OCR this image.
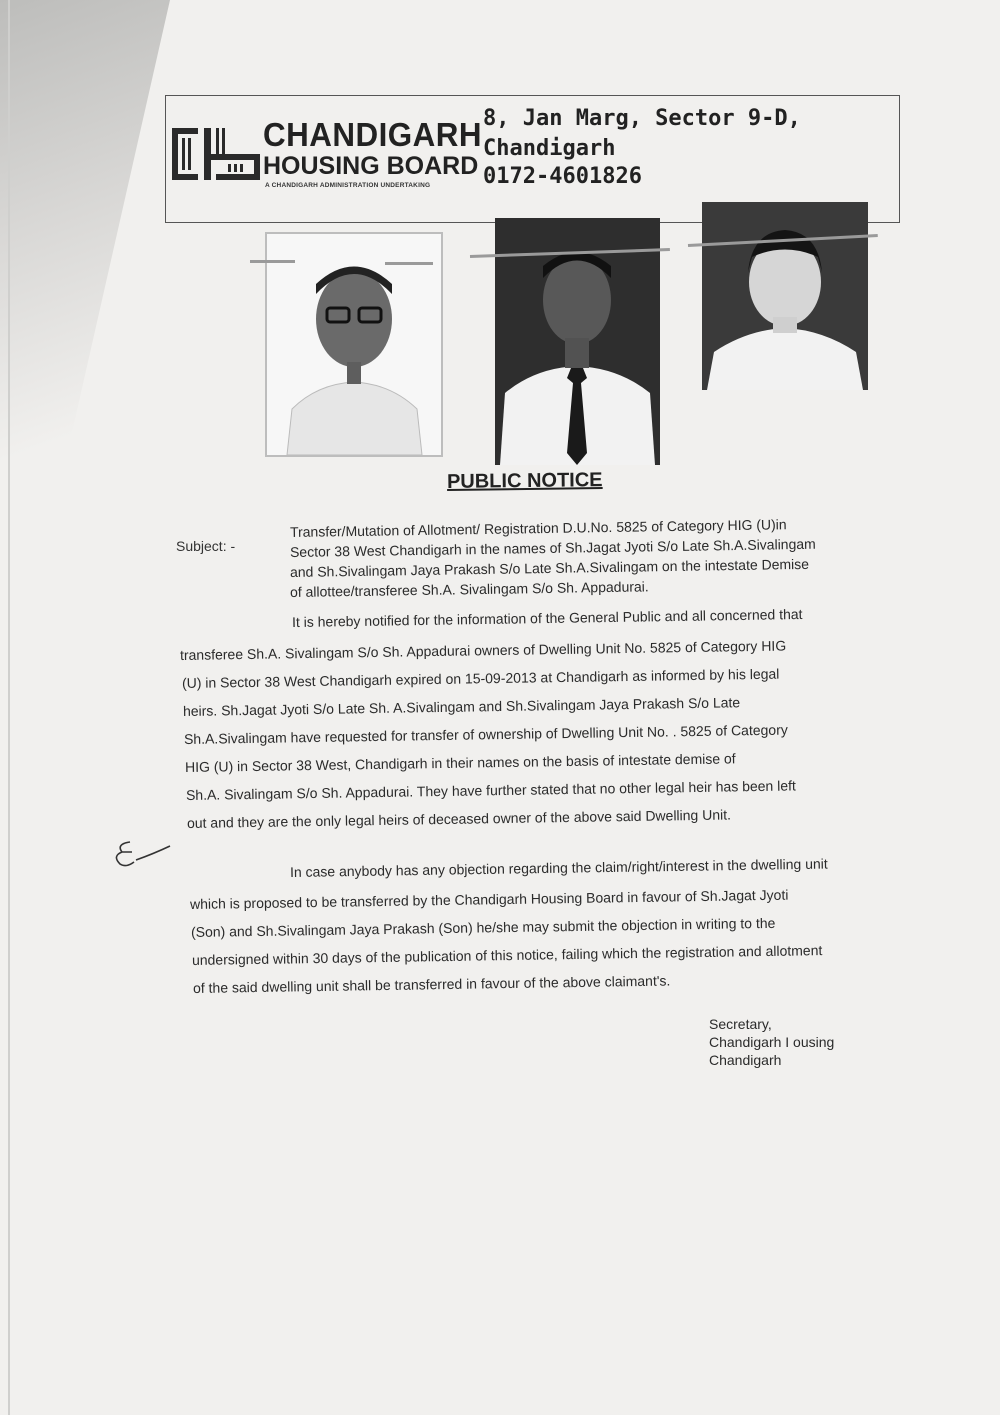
CHANDIGARH
HOUSING BOARD
A CHANDIGARH ADMINISTRATION UNDERTAKING
8, Jan Marg, Sector 9-D,
Chandigarh
0172-4601826
PUBLIC NOTICE
Subject: -
Transfer/Mutation of Allotment/ Registration D.U.No. 5825 of Category HIG (U)in
Sector 38 West Chandigarh in the names of Sh.Jagat Jyoti S/o Late Sh.A.Sivalingam
and Sh.Sivalingam Jaya Prakash S/o Late Sh.A.Sivalingam on the intestate Demise
of allottee/transferee Sh.A. Sivalingam S/o Sh. Appadurai.
It is hereby notified for the information of the General Public and all concerned that
transferee Sh.A. Sivalingam S/o Sh. Appadurai owners of Dwelling Unit No. 5825 of Category HIG
(U) in Sector 38 West Chandigarh expired on 15-09-2013 at Chandigarh as informed by his legal
heirs. Sh.Jagat Jyoti S/o Late Sh. A.Sivalingam and Sh.Sivalingam Jaya Prakash S/o Late
Sh.A.Sivalingam have requested for transfer of ownership of Dwelling Unit No. . 5825 of Category
HIG (U) in Sector 38 West, Chandigarh in their names on the basis of intestate demise of
Sh.A. Sivalingam S/o Sh. Appadurai. They have further stated that no other legal heir has been left
out and they are the only legal heirs of deceased owner of the above said Dwelling Unit.
In case anybody has any objection regarding the claim/right/interest in the dwelling unit
which is proposed to be transferred by the Chandigarh Housing Board in favour of Sh.Jagat Jyoti
(Son) and Sh.Sivalingam Jaya Prakash (Son) he/she may submit the objection in writing to the
undersigned within 30 days of the publication of this notice, failing which the registration and allotment
of the said dwelling unit shall be transferred in favour of the above claimant's.
Secretary,
Chandigarh I ousing
Chandigarh
